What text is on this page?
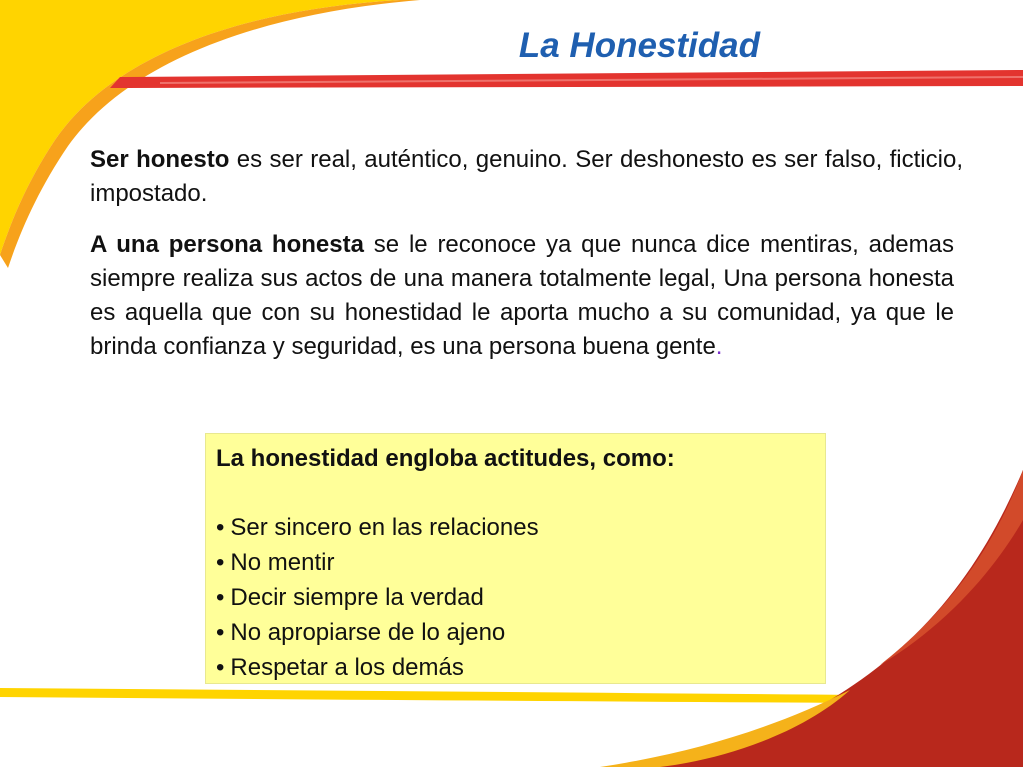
La Honestidad

Ser honesto es ser real, auténtico, genuino. Ser deshonesto es ser falso, ficticio, impostado.

A una persona honesta se le reconoce ya que nunca dice mentiras, ademas siempre realiza sus actos de una manera totalmente legal, Una persona honesta es aquella que con su honestidad le aporta mucho a su comunidad, ya que le brinda confianza y seguridad, es una persona buena gente.

La honestidad engloba actitudes, como:

• Ser sincero en las relaciones
• No mentir
• Decir siempre la verdad
• No apropiarse de lo ajeno
• Respetar a los demás
